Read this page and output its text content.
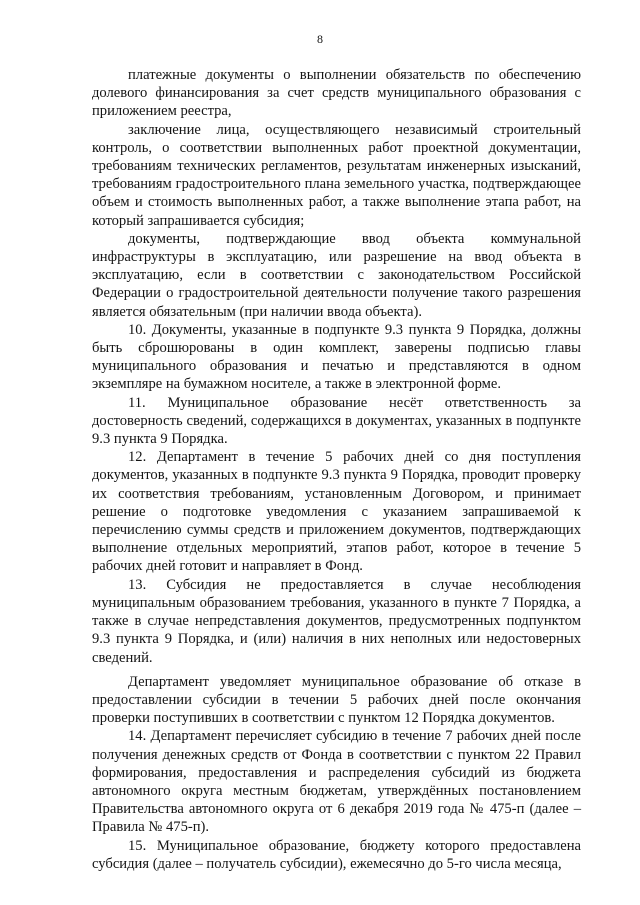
8

платежные документы о выполнении обязательств по обеспечению долевого финансирования за счет средств муниципального образования с приложением реестра,

заключение лица, осуществляющего независимый строительный контроль, о соответствии выполненных работ проектной документации, требованиям технических регламентов, результатам инженерных изысканий, требованиям градостроительного плана земельного участка, подтверждающее объем и стоимость выполненных работ, а также выполнение этапа работ, на который запрашивается субсидия;

документы, подтверждающие ввод объекта коммунальной инфраструктуры в эксплуатацию, или разрешение на ввод объекта в эксплуатацию, если в соответствии с законодательством Российской Федерации о градостроительной деятельности получение такого разрешения является обязательным (при наличии ввода объекта).

10. Документы, указанные в подпункте 9.3 пункта 9 Порядка, должны быть сброшюрованы в один комплект, заверены подписью главы муниципального образования и печатью и представляются в одном экземпляре на бумажном носителе, а также в электронной форме.

11. Муниципальное образование несёт ответственность за достоверность сведений, содержащихся в документах, указанных в подпункте 9.3 пункта 9 Порядка.

12. Департамент в течение 5 рабочих дней со дня поступления документов, указанных в подпункте 9.3 пункта 9 Порядка, проводит проверку их соответствия требованиям, установленным Договором, и принимает решение о подготовке уведомления с указанием запрашиваемой к перечислению суммы средств и приложением документов, подтверждающих выполнение отдельных мероприятий, этапов работ, которое в течение 5 рабочих дней готовит и направляет в Фонд.

13. Субсидия не предоставляется в случае несоблюдения муниципальным образованием требования, указанного в пункте 7 Порядка, а также в случае непредставления документов, предусмотренных подпунктом 9.3 пункта 9 Порядка, и (или) наличия в них неполных или недостоверных сведений.

Департамент уведомляет муниципальное образование об отказе в предоставлении субсидии в течении 5 рабочих дней после окончания проверки поступивших в соответствии с пунктом 12 Порядка документов.

14. Департамент перечисляет субсидию в течение 7 рабочих дней после получения денежных средств от Фонда в соответствии с пунктом 22 Правил формирования, предоставления и распределения субсидий из бюджета автономного округа местным бюджетам, утверждённых постановлением Правительства автономного округа от 6 декабря 2019 года № 475-п (далее – Правила № 475-п).

15. Муниципальное образование, бюджету которого предоставлена субсидия (далее – получатель субсидии), ежемесячно до 5-го числа месяца,
